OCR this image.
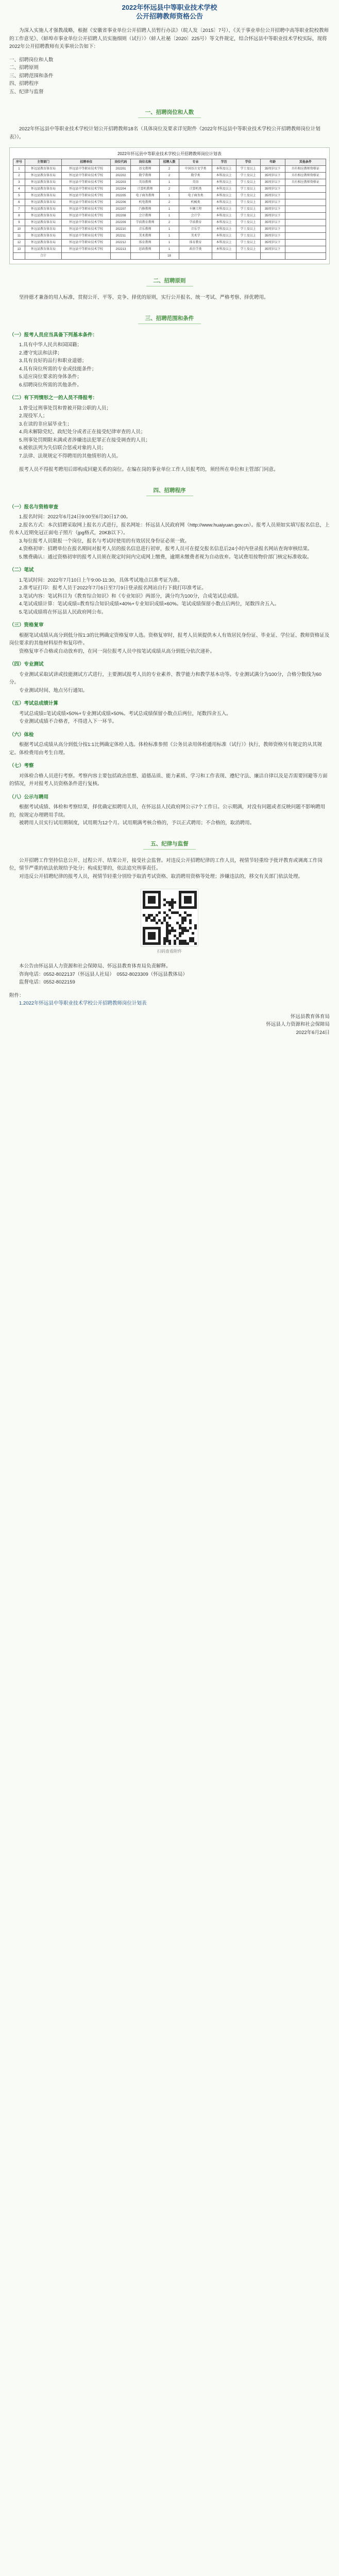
2022年怀远县中等职业技术学校
公开招聘教师资格公告

为深入实施人才强教战略，根据《安徽省事业单位公开招聘人员暂行办法》（皖人发〔2015〕7号）、《关于事业单位公开招聘中高等职业院校教师的工作意见》、《蚌埠市事业单位公开招聘人员实施细则（试行）》（蚌人社秘〔2020〕225号）等文件规定，结合怀远县中等职业技术学校实际，现将2022年公开招聘教师有关事项公告如下：

一、招聘岗位和人数

二、招聘原则

三、招聘范围和条件

四、招聘程序

五、纪律与监督

一、招聘岗位和人数

2022年怀远县中等职业技术学校计划公开招聘教师18名（具体岗位及要求详见附件《2022年怀远县中等职业技术学校公开招聘教师岗位计划表》）。

2022年怀远县中等职业技术学校公开招聘教师岗位计划表
序号	主管部门	招聘单位	岗位代码	岗位名称	招聘人数	专业	学历	学位	年龄	其他条件
1	怀远县教育体育局	怀远县中等职业技术学校	202201	语文教师	2	中国语言文学类	本科及以上	学士及以上	35周岁以下	具有相应教师资格证
2	怀远县教育体育局	怀远县中等职业技术学校	202202	数学教师	2	数学类	本科及以上	学士及以上	35周岁以下	具有相应教师资格证
3	怀远县教育体育局	怀远县中等职业技术学校	202203	英语教师	1	英语	本科及以上	学士及以上	35周岁以下	具有相应教师资格证
4	怀远县教育体育局	怀远县中等职业技术学校	202204	计算机教师	2	计算机类	本科及以上	学士及以上	35周岁以下	
5	怀远县教育体育局	怀远县中等职业技术学校	202205	电子商务教师	1	电子商务类	本科及以上	学士及以上	35周岁以下	
6	怀远县教育体育局	怀远县中等职业技术学校	202206	机电教师	2	机械类	本科及以上	学士及以上	35周岁以下	
7	怀远县教育体育局	怀远县中等职业技术学校	202207	汽修教师	1	车辆工程	本科及以上	学士及以上	35周岁以下	
8	怀远县教育体育局	怀远县中等职业技术学校	202208	会计教师	1	会计学	本科及以上	学士及以上	35周岁以下	
9	怀远县教育体育局	怀远县中等职业技术学校	202209	学前教育教师	2	学前教育	本科及以上	学士及以上	35周岁以下	
10	怀远县教育体育局	怀远县中等职业技术学校	202210	音乐教师	1	音乐学	本科及以上	学士及以上	35周岁以下	
11	怀远县教育体育局	怀远县中等职业技术学校	202211	美术教师	1	美术学	本科及以上	学士及以上	35周岁以下	
12	怀远县教育体育局	怀远县中等职业技术学校	202212	体育教师	1	体育教育	本科及以上	学士及以上	35周岁以下	
13	怀远县教育体育局	怀远县中等职业技术学校	202213	思政教师	1	政治学类	本科及以上	学士及以上	35周岁以下	
	合计				18					
二、招聘原则

坚持德才兼备的用人标准，贯彻公开、平等、竞争、择优的原则，实行公开报名、统一考试、严格考察、择优聘用。

三、招聘范围和条件
（一）报考人员应当具备下列基本条件：

1.具有中华人民共和国国籍；

2.遵守宪法和法律；

3.具有良好的品行和职业道德；

4.具有岗位所需的专业或技能条件；

5.适应岗位要求的身体条件；

6.招聘岗位所需的其他条件。

（二）有下列情形之一的人员不得报考：

1.曾受过刑事处罚和曾被开除公职的人员；

2.现役军人；

3.在读的非应届毕业生；

4.尚未解除党纪、政纪处分或者正在接受纪律审查的人员；

5.刑事处罚期限未满或者涉嫌违法犯罪正在接受调查的人员；

6.被依法列为失信联合惩戒对象的人员；

7.法律、法规规定不得聘用的其他情形的人员。

报考人员不得报考聘用后即构成回避关系的岗位。在编在岗的事业单位工作人员报考的，须经所在单位和主管部门同意。

四、招聘程序
（一）报名与资格审查

1.报名时间：2022年6月24日9:00至6月30日17:00。

2.报名方式：本次招聘采取网上报名方式进行，报名网址：怀远县人民政府网（http://www.huaiyuan.gov.cn）。报考人员须如实填写报名信息，上传本人近期免冠正面电子照片（jpg格式，20KB以下）。

3.每位报考人员限报一个岗位，报名与考试时使用的有效居民身份证必须一致。

4.资格初审：招聘单位在报名期间对报考人员的报名信息进行初审，报考人员可在提交报名信息后24小时内登录报名网站查询审核结果。

5.缴费确认：通过资格初审的报考人员须在规定时间内完成网上缴费，逾期未缴费者视为自动放弃。笔试费用按物价部门核定标准收取。

（二）笔试

1.笔试时间：2022年7月10日上午9:00-11:30，具体考试地点以准考证为准。

2.准考证打印：报考人员于2022年7月6日至7月9日登录报名网站自行下载打印准考证。

3.笔试内容：笔试科目为《教育综合知识》和《专业知识》两部分，满分均为100分，合成笔试总成绩。

4.笔试成绩计算：笔试成绩=教育综合知识成绩×40%+专业知识成绩×60%。笔试成绩保留小数点后两位，尾数四舍五入。

5.笔试成绩将在怀远县人民政府网公布。

（三）资格复审

根据笔试成绩从高分到低分按1:3的比例确定资格复审人选。资格复审时，报考人员须提供本人有效居民身份证、毕业证、学位证、教师资格证及岗位要求的其他材料原件和复印件。

资格复审不合格或自动放弃的，在同一岗位报考人员中按笔试成绩从高分到低分依次递补。

（四）专业测试

专业测试采取试讲或技能测试方式进行，主要测试报考人员的专业素养、教学能力和教学基本功等。专业测试满分为100分，合格分数线为60分。

专业测试时间、地点另行通知。

（五）考试总成绩计算

考试总成绩=笔试成绩×50%+专业测试成绩×50%。考试总成绩保留小数点后两位，尾数四舍五入。

专业测试成绩不合格者，不得进入下一环节。

（六）体检

根据考试总成绩从高分到低分按1:1比例确定体检人选。体检标准参照《公务员录用体检通用标准（试行）》执行，教师资格另有规定的从其规定。体检费用由考生自理。

（七）考察

对体检合格人员进行考察。考察内容主要包括政治思想、道德品质、能力素质、学习和工作表现、遵纪守法、廉洁自律以及是否需要回避等方面的情况，并对报考人员资格条件进行复核。

（八）公示与聘用

根据考试成绩、体检和考察结果，择优确定拟聘用人员，在怀远县人民政府网公示7个工作日。公示期满，对没有问题或者反映问题不影响聘用的，按规定办理聘用手续。

被聘用人员实行试用期制度，试用期为12个月。试用期满考核合格的，予以正式聘用；不合格的，取消聘用。

五、纪律与监督

公开招聘工作坚持信息公开、过程公开、结果公开，接受社会监督。对违反公开招聘纪律的工作人员，视情节轻重给予批评教育或调离工作岗位，情节严重的依法依规给予处分；构成犯罪的，依法追究刑事责任。

对违反公开招聘纪律的报考人员，视情节轻重分别给予取消考试资格、取消聘用资格等处理；涉嫌违法的，移交有关部门依法处理。

扫码查看附件

本公告由怀远县人力资源和社会保障局、怀远县教育体育局负责解释。

咨询电话：0552-8022137（怀远县人社局）　0552-8023309（怀远县教体局）

监督电话：0552-8022159

附件：

1.2022年怀远县中等职业技术学校公开招聘教师岗位计划表

怀远县教育体育局
怀远县人力资源和社会保障局
2022年6月24日
